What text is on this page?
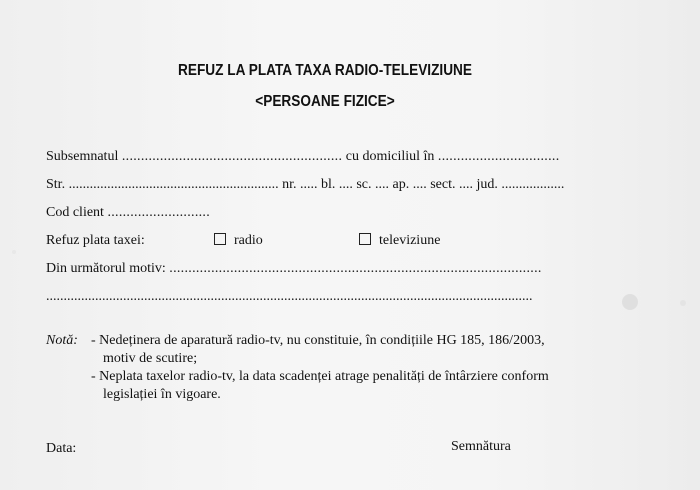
REFUZ LA PLATA TAXA RADIO-TELEVIZIUNE
<PERSOANE FIZICE>
Subsemnatul .......................................................... cu domiciliul în ................................
Str. ............................................................ nr. ..... bl. .... sc. .... ap. .... sect. .... jud. ..................
Cod client ...........................
Refuz plata taxei:	radio	televiziune
Din următorul motiv: ..................................................................................................
...........................................................................................................................................
Notă: - Nedeținera de aparatură radio-tv, nu constituie, în condițiile HG 185, 186/2003,
motiv de scutire;
- Neplata taxelor radio-tv, la data scadenței atrage penalități de întârziere conform
legislației în vigoare.
Data:	Semnătura
